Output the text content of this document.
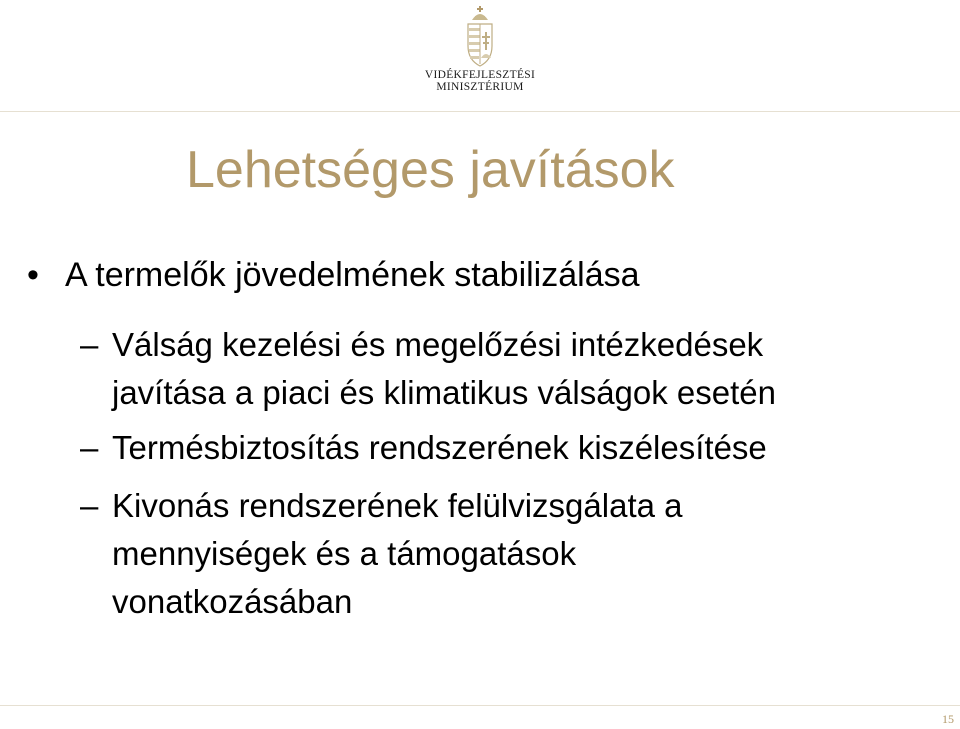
VIDÉKFEJLESZTÉSI
MINISZTÉRIUM
Lehetséges javítások
• A termelők jövedelmének stabilizálása
– Válság kezelési és megelőzési intézkedések
javítása a piaci és klimatikus válságok esetén
– Termésbiztosítás rendszerének kiszélesítése
– Kivonás rendszerének felülvizsgálata a
mennyiségek és a támogatások
vonatkozásában
15
